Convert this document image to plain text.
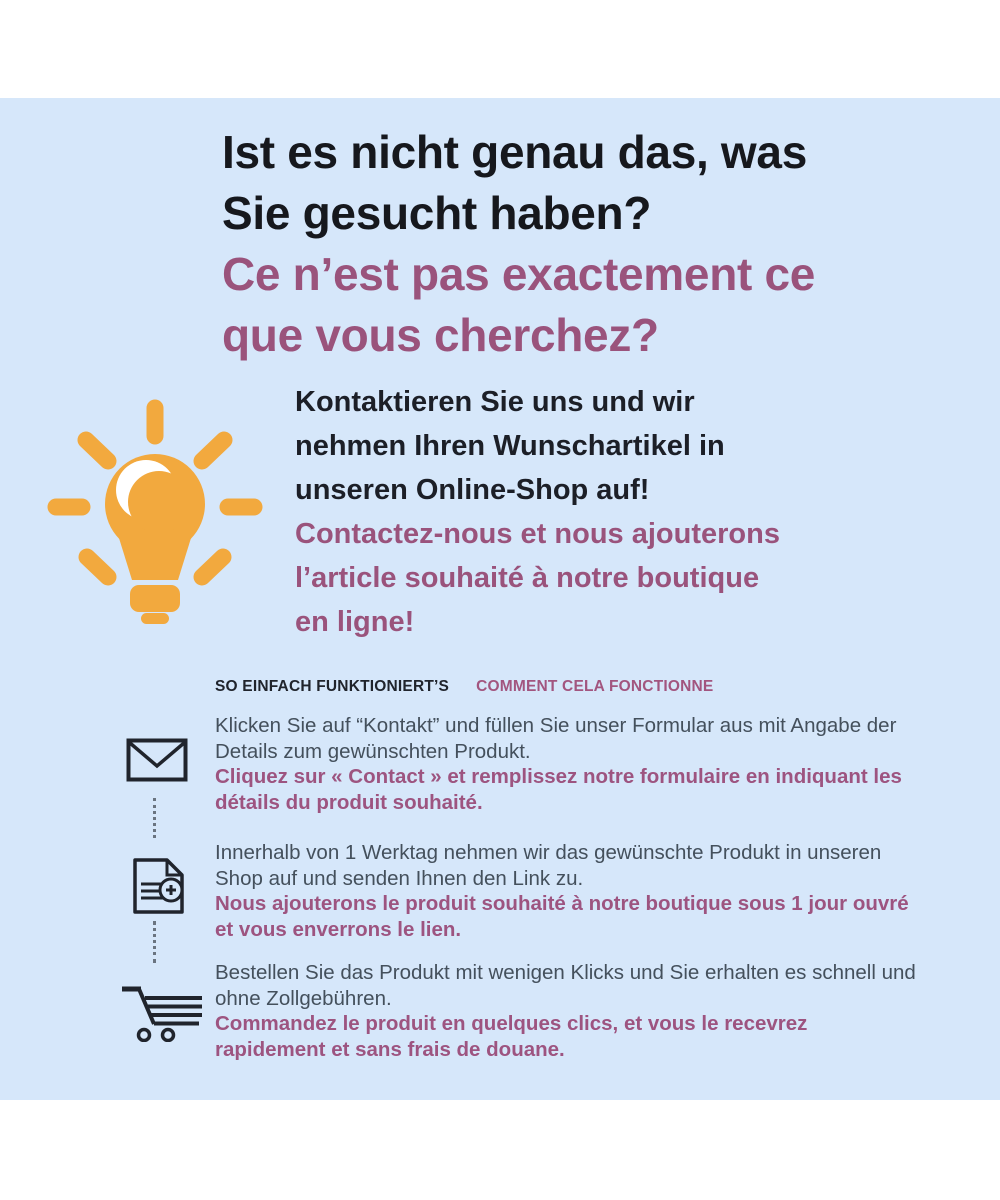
Ist es nicht genau das, was
Sie gesucht haben?
Ce n’est pas exactement ce
que vous cherchez?
Kontaktieren Sie uns und wir
nehmen Ihren Wunschartikel in
unseren Online-Shop auf!
Contactez-nous et nous ajouterons
l’article souhaité à notre boutique
en ligne!
SO EINFACH FUNKTIONIERT’S COMMENT CELA FONCTIONNE

Klicken Sie auf “Kontakt” und füllen Sie unser Formular aus mit Angabe der Details zum gewünschten Produkt.

Cliquez sur « Contact » et remplissez notre formulaire en indiquant les détails du produit souhaité.

Innerhalb von 1 Werktag nehmen wir das gewünschte Produkt in unseren Shop auf und senden Ihnen den Link zu.

Nous ajouterons le produit souhaité à notre boutique sous 1 jour ouvré et vous enverrons le lien.

Bestellen Sie das Produkt mit wenigen Klicks und Sie erhalten es schnell und ohne Zollgebühren.

Commandez le produit en quelques clics, et vous le recevrez rapidement et sans frais de douane.
